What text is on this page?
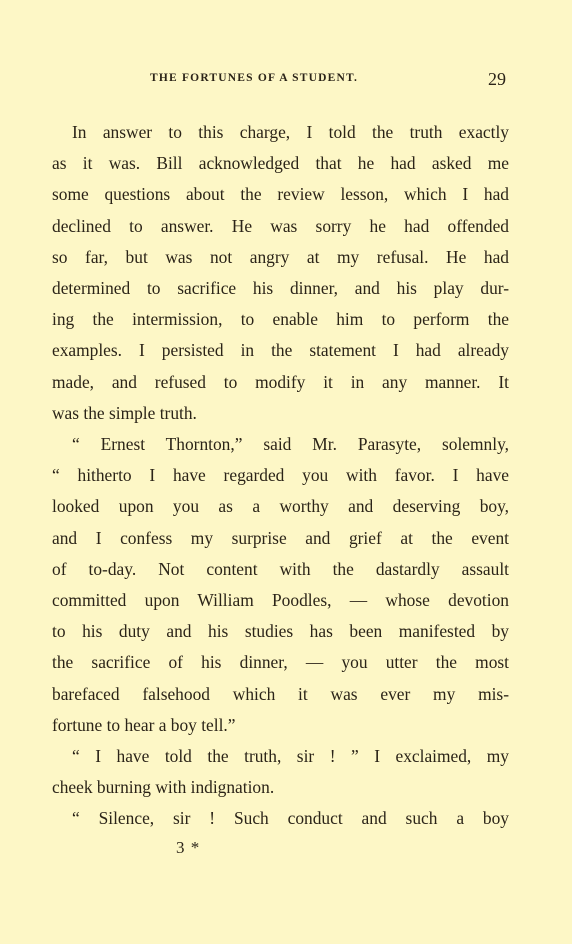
THE FORTUNES OF A STUDENT.	29
In answer to this charge, I told the truth exactly
as it was. Bill acknowledged that he had asked me
some questions about the review lesson, which I had
declined to answer. He was sorry he had offended
so far, but was not angry at my refusal. He had
determined to sacrifice his dinner, and his play dur-
ing the intermission, to enable him to perform the
examples. I persisted in the statement I had already
made, and refused to modify it in any manner. It
was the simple truth.
“ Ernest Thornton,” said Mr. Parasyte, solemnly,
“ hitherto I have regarded you with favor. I have
looked upon you as a worthy and deserving boy,
and I confess my surprise and grief at the event
of to-day. Not content with the dastardly assault
committed upon William Poodles, — whose devotion
to his duty and his studies has been manifested by
the sacrifice of his dinner, — you utter the most
barefaced falsehood which it was ever my mis-
fortune to hear a boy tell.”
“ I have told the truth, sir ! ” I exclaimed, my
cheek burning with indignation.
“ Silence, sir ! Such conduct and such a boy
3 *
